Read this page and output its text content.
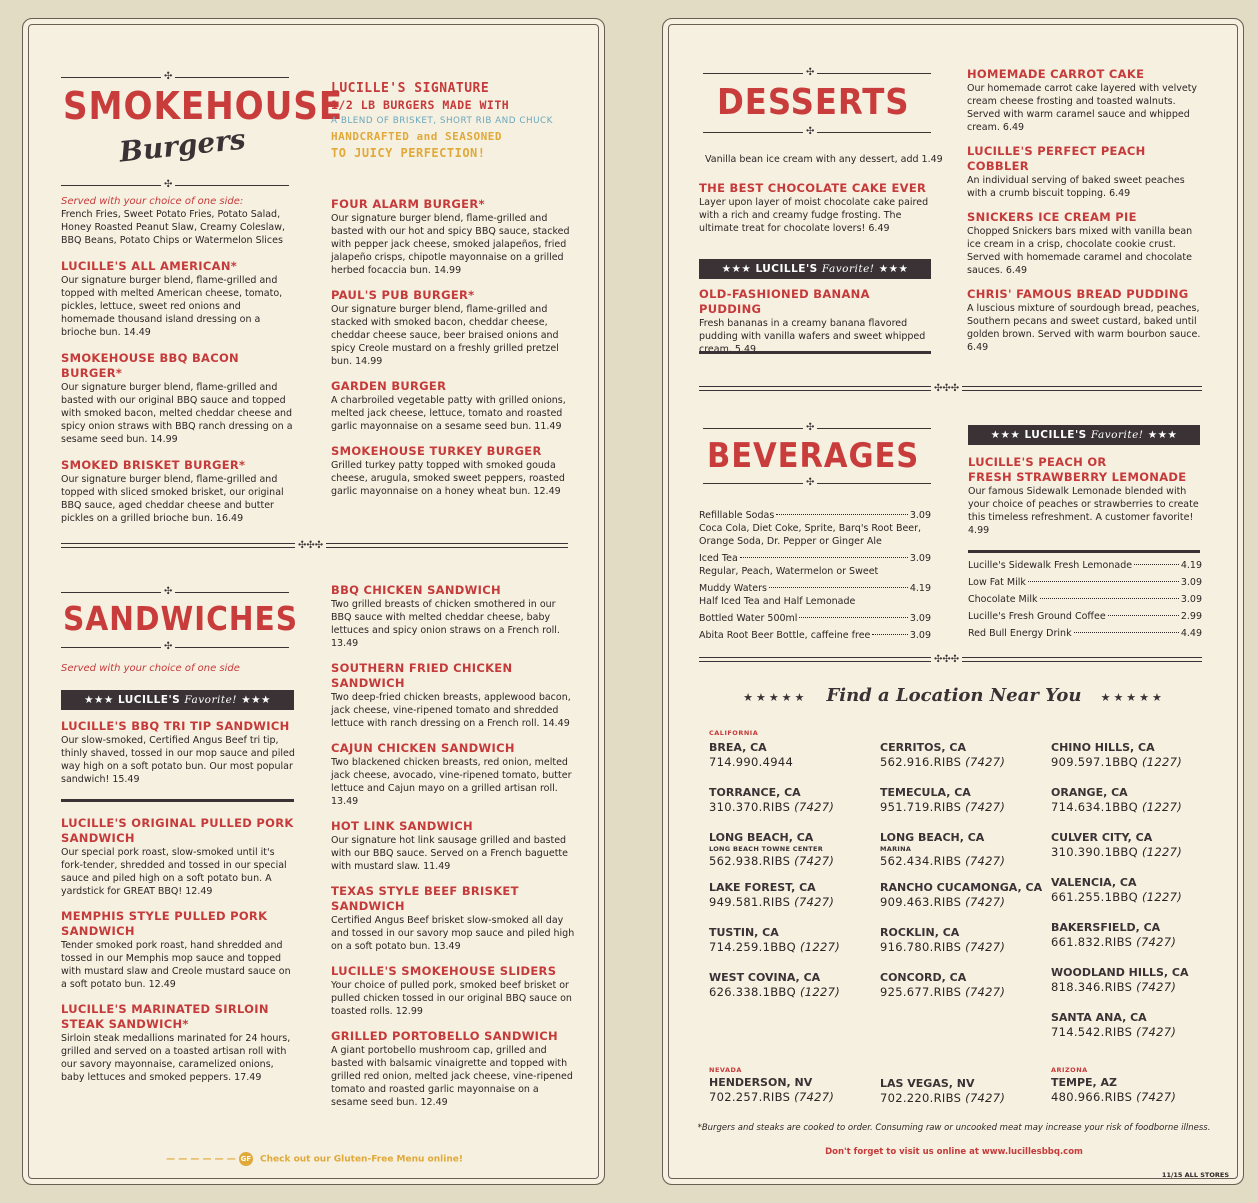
✣
SMOKEHOUSE
Burgers
✣
LUCILLE'S SIGNATURE
1/2 LB BURGERS MADE WITH
A BLEND OF BRISKET, SHORT RIB AND CHUCK
HANDCRAFTED and SEASONED
TO JUICY PERFECTION!
Served with your choice of one side:
French Fries, Sweet Potato Fries, Potato Salad, Honey Roasted Peanut Slaw, Creamy Coleslaw, BBQ Beans, Potato Chips or Watermelon Slices
LUCILLE'S ALL AMERICAN*
Our signature burger blend, flame-grilled and topped with melted American cheese, tomato, pickles, lettuce, sweet red onions and homemade thousand island dressing on a brioche bun. 14.49
SMOKEHOUSE BBQ BACON BURGER*
Our signature burger blend, flame-grilled and basted with our original BBQ sauce and topped with smoked bacon, melted cheddar cheese and spicy onion straws with BBQ ranch dressing on a sesame seed bun. 14.99
SMOKED BRISKET BURGER*
Our signature burger blend, flame-grilled and topped with sliced smoked brisket, our original BBQ sauce, aged cheddar cheese and butter pickles on a grilled brioche bun. 16.49
FOUR ALARM BURGER*
Our signature burger blend, flame-grilled and basted with our hot and spicy BBQ sauce, stacked with pepper jack cheese, smoked jalapeños, fried jalapeño crisps, chipotle mayonnaise on a grilled herbed focaccia bun. 14.99
PAUL'S PUB BURGER*
Our signature burger blend, flame-grilled and stacked with smoked bacon, cheddar cheese, cheddar cheese sauce, beer braised onions and spicy Creole mustard on a freshly grilled pretzel bun. 14.99
GARDEN BURGER
A charbroiled vegetable patty with grilled onions, melted jack cheese, lettuce, tomato and roasted garlic mayonnaise on a sesame seed bun. 11.49
SMOKEHOUSE TURKEY BURGER
Grilled turkey patty topped with smoked gouda cheese, arugula, smoked sweet peppers, roasted garlic mayonnaise on a honey wheat bun. 12.49
✣✣✣
✣
SANDWICHES
✣
Served with your choice of one side
★★★ LUCILLE'S Favorite! ★★★
LUCILLE'S BBQ TRI TIP SANDWICH
Our slow-smoked, Certified Angus Beef tri tip, thinly shaved, tossed in our mop sauce and piled way high on a soft potato bun. Our most popular sandwich! 15.49
LUCILLE'S ORIGINAL PULLED PORK SANDWICH
Our special pork roast, slow-smoked until it's fork-tender, shredded and tossed in our special sauce and piled high on a soft potato bun. A yardstick for GREAT BBQ! 12.49
MEMPHIS STYLE PULLED PORK SANDWICH
Tender smoked pork roast, hand shredded and tossed in our Memphis mop sauce and topped with mustard slaw and Creole mustard sauce on a soft potato bun. 12.49
LUCILLE'S MARINATED SIRLOIN STEAK SANDWICH*
Sirloin steak medallions marinated for 24 hours, grilled and served on a toasted artisan roll with our savory mayonnaise, caramelized onions, baby lettuces and smoked peppers. 17.49
BBQ CHICKEN SANDWICH
Two grilled breasts of chicken smothered in our BBQ sauce with melted cheddar cheese, baby lettuces and spicy onion straws on a French roll. 13.49
SOUTHERN FRIED CHICKEN SANDWICH
Two deep-fried chicken breasts, applewood bacon, jack cheese, vine-ripened tomato and shredded lettuce with ranch dressing on a French roll. 14.49
CAJUN CHICKEN SANDWICH
Two blackened chicken breasts, red onion, melted jack cheese, avocado, vine-ripened tomato, butter lettuce and Cajun mayo on a grilled artisan roll. 13.49
HOT LINK SANDWICH
Our signature hot link sausage grilled and basted with our BBQ sauce. Served on a French baguette with mustard slaw. 11.49
TEXAS STYLE BEEF BRISKET SANDWICH
Certified Angus Beef brisket slow-smoked all day and tossed in our savory mop sauce and piled high on a soft potato bun. 13.49
LUCILLE'S SMOKEHOUSE SLIDERS
Your choice of pulled pork, smoked beef brisket or pulled chicken tossed in our original BBQ sauce on toasted rolls. 12.99
GRILLED PORTOBELLO SANDWICH
A giant portobello mushroom cap, grilled and basted with balsamic vinaigrette and topped with grilled red onion, melted jack cheese, vine-ripened tomato and roasted garlic mayonnaise on a sesame seed bun. 12.49
— — — — — — GF Check out our Gluten-Free Menu online!
✣
DESSERTS
✣
Vanilla bean ice cream with any dessert, add 1.49
THE BEST CHOCOLATE CAKE EVER
Layer upon layer of moist chocolate cake paired with a rich and creamy fudge frosting. The ultimate treat for chocolate lovers! 6.49
★★★ LUCILLE'S Favorite! ★★★
OLD-FASHIONED BANANA PUDDING
Fresh bananas in a creamy banana flavored pudding with vanilla wafers and sweet whipped cream. 5.49
HOMEMADE CARROT CAKE
Our homemade carrot cake layered with velvety cream cheese frosting and toasted walnuts. Served with warm caramel sauce and whipped cream. 6.49
LUCILLE'S PERFECT PEACH COBBLER
An individual serving of baked sweet peaches with a crumb biscuit topping. 6.49
SNICKERS ICE CREAM PIE
Chopped Snickers bars mixed with vanilla bean ice cream in a crisp, chocolate cookie crust. Served with homemade caramel and chocolate sauces. 6.49
CHRIS' FAMOUS BREAD PUDDING
A luscious mixture of sourdough bread, peaches, Southern pecans and sweet custard, baked until golden brown. Served with warm bourbon sauce. 6.49
✣✣✣
✣
BEVERAGES
✣
Refillable Sodas	3.09
Coca Cola, Diet Coke, Sprite, Barq's Root Beer, Orange Soda, Dr. Pepper or Ginger Ale
Iced Tea	3.09
Regular, Peach, Watermelon or Sweet
Muddy Waters	4.19
Half Iced Tea and Half Lemonade
Bottled Water 500ml	3.09
Abita Root Beer Bottle, caffeine free	3.09
★★★ LUCILLE'S Favorite! ★★★
LUCILLE'S PEACH OR
FRESH STRAWBERRY LEMONADE
Our famous Sidewalk Lemonade blended with your choice of peaches or strawberries to create this timeless refreshment. A customer favorite! 4.99
Lucille's Sidewalk Fresh Lemonade	4.19
Low Fat Milk	3.09
Chocolate Milk	3.09
Lucille's Fresh Ground Coffee	2.99
Red Bull Energy Drink	4.49
✣✣✣
★★★★★ Find a Location Near You ★★★★★
CALIFORNIA
BREA, CA
714.990.4944
TORRANCE, CA
310.370.RIBS (7427)
LONG BEACH, CA
LONG BEACH TOWNE CENTER
562.938.RIBS (7427)
LAKE FOREST, CA
949.581.RIBS (7427)
TUSTIN, CA
714.259.1BBQ (1227)
WEST COVINA, CA
626.338.1BBQ (1227)
CERRITOS, CA
562.916.RIBS (7427)
TEMECULA, CA
951.719.RIBS (7427)
LONG BEACH, CA
MARINA
562.434.RIBS (7427)
RANCHO CUCAMONGA, CA
909.463.RIBS (7427)
ROCKLIN, CA
916.780.RIBS (7427)
CONCORD, CA
925.677.RIBS (7427)
CHINO HILLS, CA
909.597.1BBQ (1227)
ORANGE, CA
714.634.1BBQ (1227)
CULVER CITY, CA
310.390.1BBQ (1227)
VALENCIA, CA
661.255.1BBQ (1227)
BAKERSFIELD, CA
661.832.RIBS (7427)
WOODLAND HILLS, CA
818.346.RIBS (7427)
SANTA ANA, CA
714.542.RIBS (7427)
NEVADA
HENDERSON, NV
702.257.RIBS (7427)
LAS VEGAS, NV
702.220.RIBS (7427)
ARIZONA
TEMPE, AZ
480.966.RIBS (7427)
*Burgers and steaks are cooked to order. Consuming raw or uncooked meat may increase your risk of foodborne illness.
Don't forget to visit us online at www.lucillesbbq.com
11/15 ALL STORES
